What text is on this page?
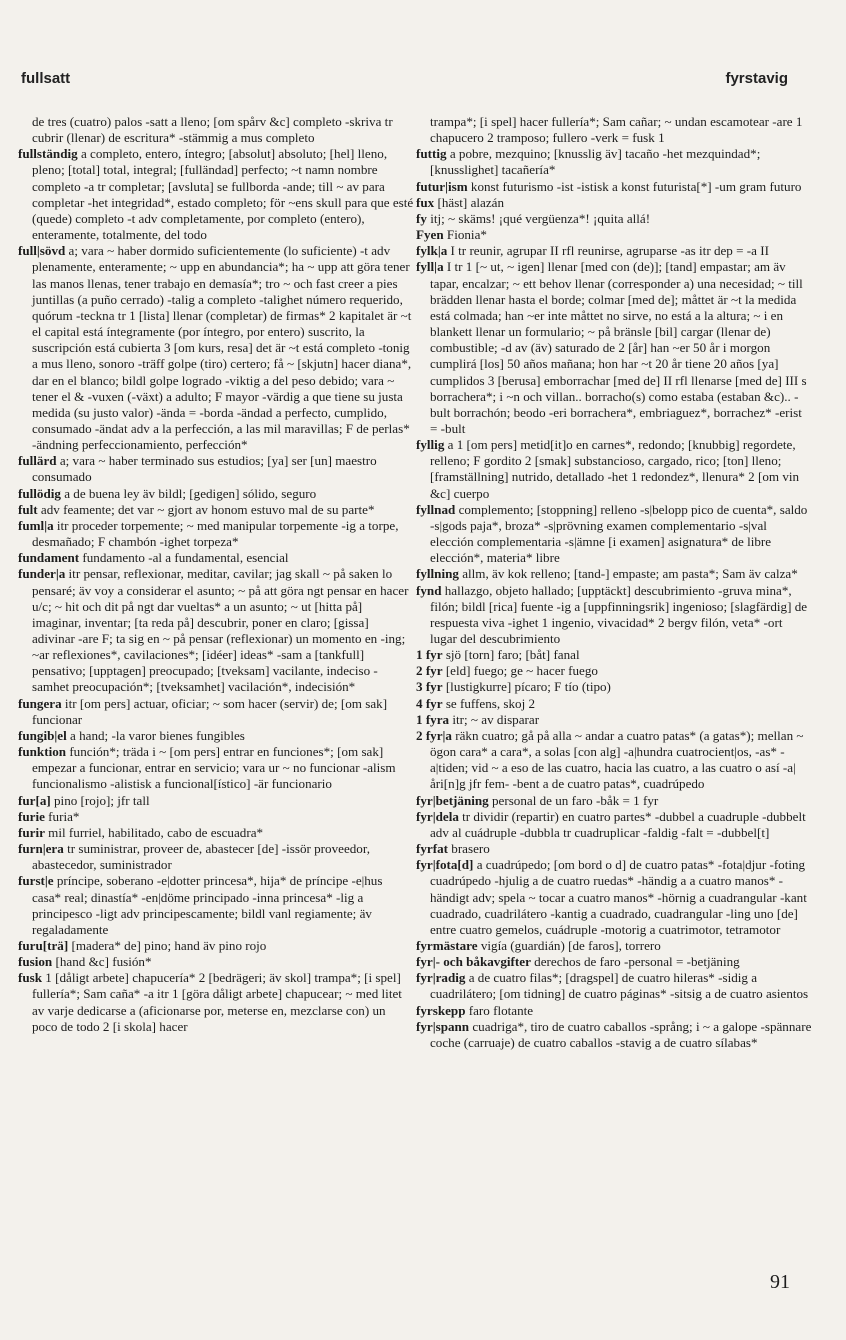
fullsatt	fyrstavig

de tres (cuatro) palos -satt a lleno; [om spårv &c] completo -skriva tr cubrir (llenar) de escritura* -stämmig a mus completo

fullständig a completo, entero, íntegro; [absolut] absoluto; [hel] lleno, pleno; [total] total, integral; [fulländad] perfecto; ~t namn nombre completo -a tr completar; [avsluta] se fullborda -ande; till ~ av para completar -het integridad*, estado completo; för ~ens skull para que esté (quede) completo -t adv completamente, por completo (entero), enteramente, totalmente, del todo

full|sövd a; vara ~ haber dormido suficientemente (lo suficiente) -t adv plenamente, enteramente; ~ upp en abundancia*; ha ~ upp att göra tener las manos llenas, tener trabajo en demasía*; tro ~ och fast creer a pies juntillas (a puño cerrado) -talig a completo -talighet número requerido, quórum -teckna tr 1 [lista] llenar (completar) de firmas* 2 kapitalet är ~t el capital está íntegramente (por íntegro, por entero) suscrito, la suscripción está cubierta 3 [om kurs, resa] det är ~t está completo -tonig a mus lleno, sonoro -träff golpe (tiro) certero; få ~ [skjutn] hacer diana*, dar en el blanco; bildl golpe logrado -viktig a del peso debido; vara ~ tener el & -vuxen (-växt) a adulto; F mayor -värdig a que tiene su justa medida (su justo valor) -ända = -borda -ändad a perfecto, cumplido, consumado -ändat adv a la perfección, a las mil maravillas; F de perlas* -ändning perfeccionamiento, perfección*

fullärd a; vara ~ haber terminado sus estudios; [ya] ser [un] maestro consumado

fullödig a de buena ley äv bildl; [gedigen] sólido, seguro

fult adv feamente; det var ~ gjort av honom estuvo mal de su parte*

fuml|a itr proceder torpemente; ~ med manipular torpemente -ig a torpe, desmañado; F chambón -ighet torpeza*

fundament fundamento -al a fundamental, esencial

funder|a itr pensar, reflexionar, meditar, cavilar; jag skall ~ på saken lo pensaré; äv voy a considerar el asunto; ~ på att göra ngt pensar en hacer u/c; ~ hit och dit på ngt dar vueltas* a un asunto; ~ ut [hitta på] imaginar, inventar; [ta reda på] descubrir, poner en claro; [gissa] adivinar -are F; ta sig en ~ på pensar (reflexionar) un momento en -ing; ~ar reflexiones*, cavilaciones*; [idéer] ideas* -sam a [tankfull] pensativo; [upptagen] preocupado; [tveksam] vacilante, indeciso -samhet preocupación*; [tveksamhet] vacilación*, indecisión*

fungera itr [om pers] actuar, oficiar; ~ som hacer (servir) de; [om sak] funcionar

fungib|el a hand; -la varor bienes fungibles

funktion función*; träda i ~ [om pers] entrar en funciones*; [om sak] empezar a funcionar, entrar en servicio; vara ur ~ no funcionar -alism funcionalismo -alistisk a funcional[ístico] -är funcionario

fur[a] pino [rojo]; jfr tall

furie furia*

furir mil furriel, habilitado, cabo de escuadra*

furn|era tr suministrar, proveer de, abastecer [de] -issör proveedor, abastecedor, suministrador

furst|e príncipe, soberano -e|dotter princesa*, hija* de príncipe -e|hus casa* real; dinastía* -en|döme principado -inna princesa* -lig a principesco -ligt adv principescamente; bildl vanl regiamente; äv regaladamente

furu[trä] [madera* de] pino; hand äv pino rojo

fusion [hand &c] fusión*

fusk 1 [dåligt arbete] chapucería* 2 [bedrägeri; äv skol] trampa*; [i spel] fullería*; Sam caña* -a itr 1 [göra dåligt arbete] chapucear; ~ med litet av varje dedicarse a (aficionarse por, meterse en, mezclarse con) un poco de todo 2 [i skola] hacer

trampa*; [i spel] hacer fullería*; Sam cañar; ~ undan escamotear -are 1 chapucero 2 tramposo; fullero -verk = fusk 1

futtig a pobre, mezquino; [knusslig äv] tacaño -het mezquindad*; [knusslighet] tacañería*

futur|ism konst futurismo -ist -istisk a konst futurista[*] -um gram futuro

fux [häst] alazán

fy itj; ~ skäms! ¡qué vergüenza*! ¡quita allá!

Fyen Fionia*

fylk|a I tr reunir, agrupar II rfl reunirse, agruparse -as itr dep = -a II

fyll|a I tr 1 [~ ut, ~ igen] llenar [med con (de)]; [tand] empastar; am äv tapar, encalzar; ~ ett behov llenar (corresponder a) una necesidad; ~ till brädden llenar hasta el borde; colmar [med de]; måttet är ~t la medida está colmada; han ~er inte måttet no sirve, no está a la altura; ~ i en blankett llenar un formulario; ~ på bränsle [bil] cargar (llenar de) combustible; -d av (äv) saturado de 2 [år] han ~er 50 år i morgon cumplirá [los] 50 años mañana; hon har ~t 20 år tiene 20 años [ya] cumplidos 3 [berusa] emborrachar [med de] II rfl llenarse [med de] III s borrachera*; i ~n och villan.. borracho(s) como estaba (estaban &c).. -bult borrachón; beodo -eri borrachera*, embriaguez*, borrachez* -erist = -bult

fyllig a 1 [om pers] metid[it]o en carnes*, redondo; [knubbig] regordete, relleno; F gordito 2 [smak] substancioso, cargado, rico; [ton] lleno; [framställning] nutrido, detallado -het 1 redondez*, llenura* 2 [om vin &c] cuerpo

fyllnad complemento; [stoppning] relleno -s|belopp pico de cuenta*, saldo -s|gods paja*, broza* -s|prövning examen complementario -s|val elección complementaria -s|ämne [i examen] asignatura* de libre elección*, materia* libre

fyllning allm, äv kok relleno; [tand-] empaste; am pasta*; Sam äv calza*

fynd hallazgo, objeto hallado; [upptäckt] descubrimiento -gruva mina*, filón; bildl [rica] fuente -ig a [uppfinningsrik] ingenioso; [slagfärdig] de respuesta viva -ighet 1 ingenio, vivacidad* 2 bergv filón, veta* -ort lugar del descubrimiento

1 fyr sjö [torn] faro; [båt] fanal

2 fyr [eld] fuego; ge ~ hacer fuego

3 fyr [lustigkurre] pícaro; F tío (tipo)

4 fyr se fuffens, skoj 2

1 fyra itr; ~ av disparar

2 fyr|a räkn cuatro; gå på alla ~ andar a cuatro patas* (a gatas*); mellan ~ ögon cara* a cara*, a solas [con alg] -a|hundra cuatrocient|os, -as* -a|tiden; vid ~ a eso de las cuatro, hacia las cuatro, a las cuatro o así -a|åri[n]g jfr fem- -bent a de cuatro patas*, cuadrúpedo

fyr|betjäning personal de un faro -båk = 1 fyr

fyr|dela tr dividir (repartir) en cuatro partes* -dubbel a cuadruple -dubbelt adv al cuádruple -dubbla tr cuadruplicar -faldig -falt = -dubbel[t]

fyrfat brasero

fyr|fota[d] a cuadrúpedo; [om bord o d] de cuatro patas* -fota|djur -foting cuadrúpedo -hjulig a de cuatro ruedas* -händig a a cuatro manos* -händigt adv; spela ~ tocar a cuatro manos* -hörnig a cuadrangular -kant cuadrado, cuadrilátero -kantig a cuadrado, cuadrangular -ling uno [de] entre cuatro gemelos, cuádruple -motorig a cuatrimotor, tetramotor

fyrmästare vigía (guardián) [de faros], torrero

fyr|- och båkavgifter derechos de faro -personal = -betjäning

fyr|radig a de cuatro filas*; [dragspel] de cuatro hileras* -sidig a cuadrilátero; [om tidning] de cuatro páginas* -sitsig a de cuatro asientos

fyrskepp faro flotante

fyr|spann cuadriga*, tiro de cuatro caballos -språng; i ~ a galope -spännare coche (carruaje) de cuatro caballos -stavig a de cuatro sílabas*

91
